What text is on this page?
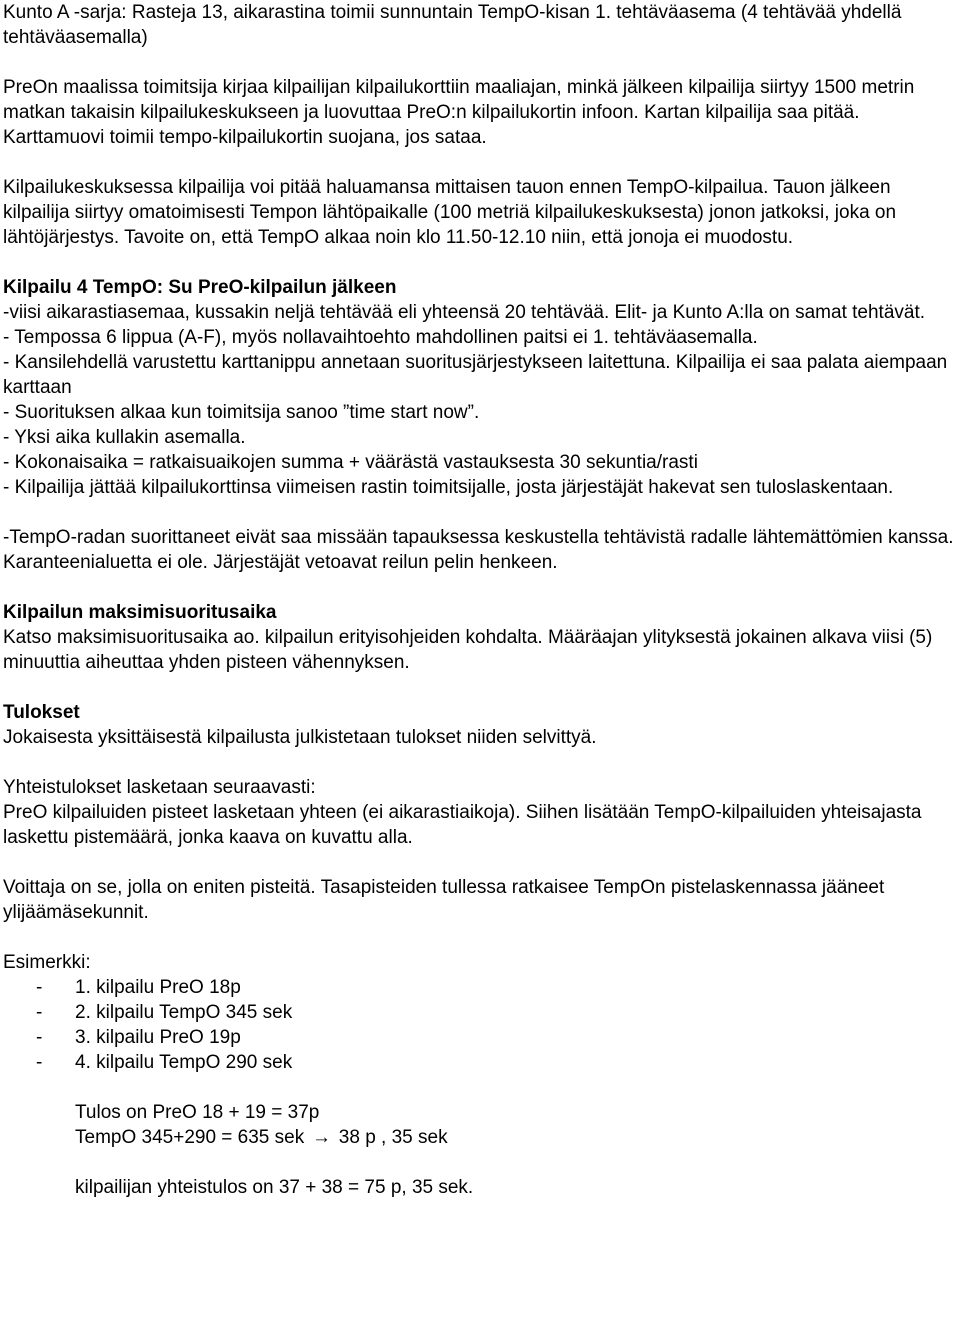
Kunto A -sarja: Rasteja 13, aikarastina toimii sunnuntain TempO-kisan 1. tehtäväasema (4 tehtävää yhdellä tehtäväasemalla)

PreOn maalissa toimitsija kirjaa kilpailijan kilpailukorttiin maaliajan, minkä jälkeen kilpailija siirtyy 1500 metrin matkan takaisin kilpailukeskukseen ja luovuttaa PreO:n kilpailukortin infoon. Kartan kilpailija saa pitää. Karttamuovi toimii tempo-kilpailukortin suojana, jos sataa.

Kilpailukeskuksessa kilpailija voi pitää haluamansa mittaisen tauon ennen TempO-kilpailua. Tauon jälkeen kilpailija siirtyy omatoimisesti Tempon lähtöpaikalle (100 metriä kilpailukeskuksesta) jonon jatkoksi, joka on lähtöjärjestys. Tavoite on, että TempO alkaa noin klo 11.50-12.10 niin, että jonoja ei muodostu.

Kilpailu 4 TempO: Su PreO-kilpailun jälkeen

-viisi aikarastiasemaa, kussakin neljä tehtävää eli yhteensä 20 tehtävää. Elit- ja Kunto A:lla on samat tehtävät.

- Tempossa 6 lippua (A-F), myös nollavaihtoehto mahdollinen paitsi ei 1. tehtäväasemalla.

- Kansilehdellä varustettu karttanippu annetaan suoritusjärjestykseen laitettuna. Kilpailija ei saa palata aiempaan karttaan

- Suorituksen alkaa kun toimitsija sanoo ”time start now”.

- Yksi aika kullakin asemalla.

- Kokonaisaika = ratkaisuaikojen summa + väärästä vastauksesta 30 sekuntia/rasti

- Kilpailija jättää kilpailukorttinsa viimeisen rastin toimitsijalle, josta järjestäjät hakevat sen tuloslaskentaan.

-TempO-radan suorittaneet eivät saa missään tapauksessa keskustella tehtävistä radalle lähtemättömien kanssa. Karanteenialuetta ei ole. Järjestäjät vetoavat reilun pelin henkeen.

Kilpailun maksimisuoritusaika

Katso maksimisuoritusaika ao. kilpailun erityisohjeiden kohdalta. Määräajan ylityksestä jokainen alkava viisi (5) minuuttia aiheuttaa yhden pisteen vähennyksen.

Tulokset

Jokaisesta yksittäisestä kilpailusta julkistetaan tulokset niiden selvittyä.

Yhteistulokset lasketaan seuraavasti:

PreO kilpailuiden pisteet lasketaan yhteen (ei aikarastiaikoja). Siihen lisätään TempO-kilpailuiden yhteisajasta laskettu pistemäärä, jonka kaava on kuvattu alla.

Voittaja on se, jolla on eniten pisteitä. Tasapisteiden tullessa ratkaisee TempOn pistelaskennassa jääneet ylijäämäsekunnit.

Esimerkki:

- 1. kilpailu PreO 18p
- 2. kilpailu TempO 345 sek
- 3. kilpailu PreO 19p
- 4. kilpailu TempO 290 sek

Tulos on PreO 18 + 19 = 37p

TempO 345+290 = 635 sek → 38 p , 35 sek

kilpailijan yhteistulos on 37 + 38 = 75 p, 35 sek.
